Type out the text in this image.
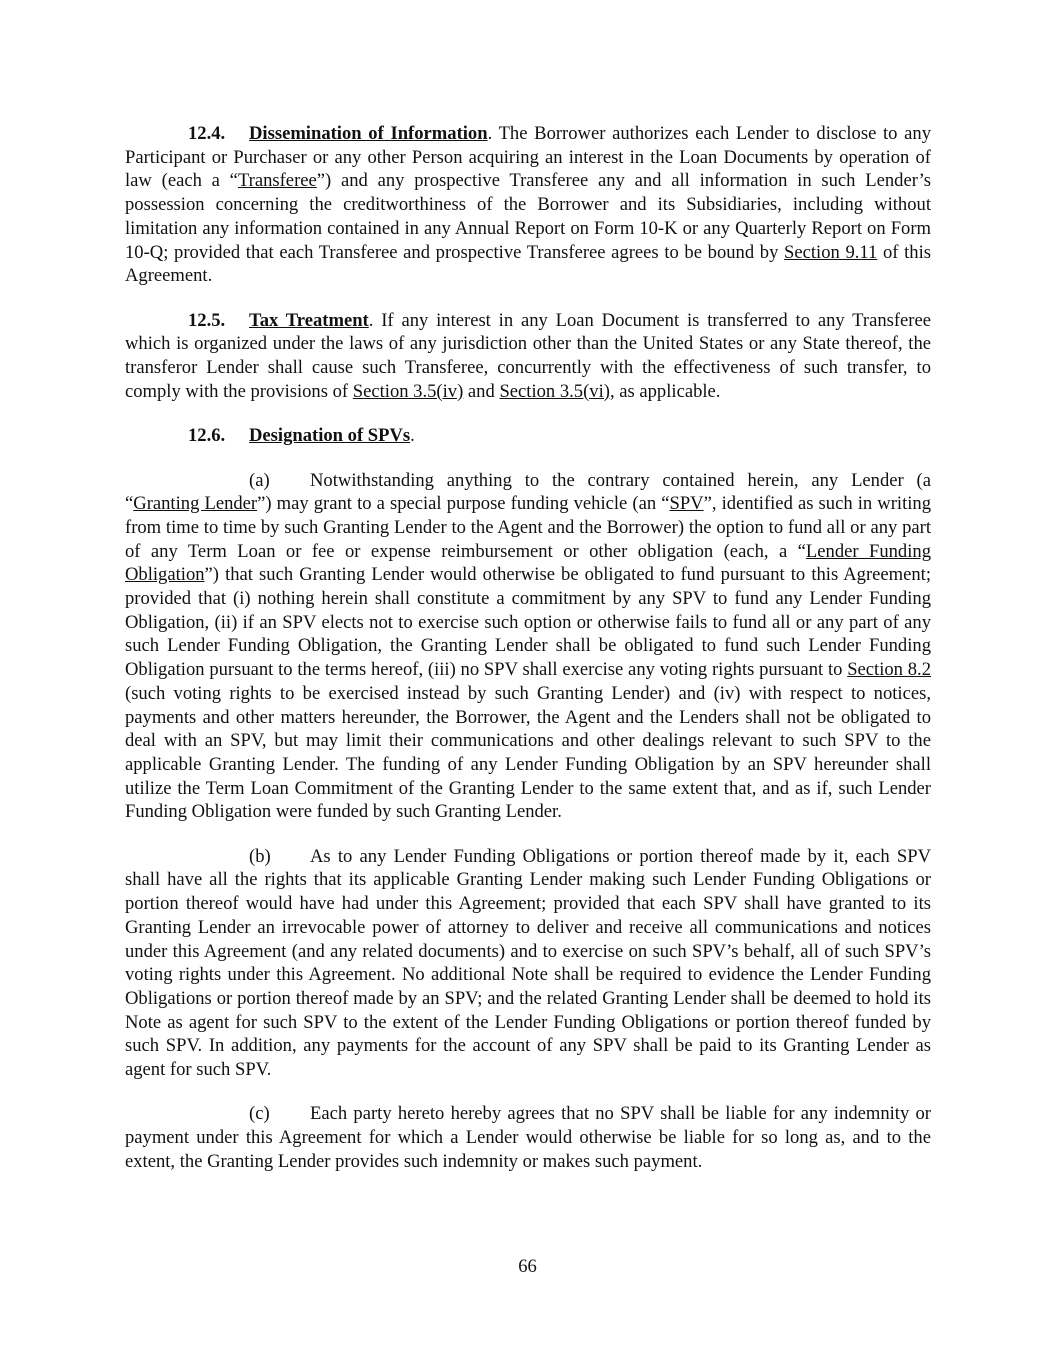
12.4. Dissemination of Information. The Borrower authorizes each Lender to disclose to any Participant or Purchaser or any other Person acquiring an interest in the Loan Documents by operation of law (each a “Transferee”) and any prospective Transferee any and all information in such Lender’s possession concerning the creditworthiness of the Borrower and its Subsidiaries, including without limitation any information contained in any Annual Report on Form 10-K or any Quarterly Report on Form 10-Q; provided that each Transferee and prospective Transferee agrees to be bound by Section 9.11 of this Agreement.

12.5. Tax Treatment. If any interest in any Loan Document is transferred to any Transferee which is organized under the laws of any jurisdiction other than the United States or any State thereof, the transferor Lender shall cause such Transferee, concurrently with the effectiveness of such transfer, to comply with the provisions of Section 3.5(iv) and Section 3.5(vi), as applicable.

12.6. Designation of SPVs.

(a) Notwithstanding anything to the contrary contained herein, any Lender (a “Granting Lender”) may grant to a special purpose funding vehicle (an “SPV”, identified as such in writing from time to time by such Granting Lender to the Agent and the Borrower) the option to fund all or any part of any Term Loan or fee or expense reimbursement or other obligation (each, a “Lender Funding Obligation”) that such Granting Lender would otherwise be obligated to fund pursuant to this Agreement; provided that (i) nothing herein shall constitute a commitment by any SPV to fund any Lender Funding Obligation, (ii) if an SPV elects not to exercise such option or otherwise fails to fund all or any part of any such Lender Funding Obligation, the Granting Lender shall be obligated to fund such Lender Funding Obligation pursuant to the terms hereof, (iii) no SPV shall exercise any voting rights pursuant to Section 8.2 (such voting rights to be exercised instead by such Granting Lender) and (iv) with respect to notices, payments and other matters hereunder, the Borrower, the Agent and the Lenders shall not be obligated to deal with an SPV, but may limit their communications and other dealings relevant to such SPV to the applicable Granting Lender. The funding of any Lender Funding Obligation by an SPV hereunder shall utilize the Term Loan Commitment of the Granting Lender to the same extent that, and as if, such Lender Funding Obligation were funded by such Granting Lender.

(b) As to any Lender Funding Obligations or portion thereof made by it, each SPV shall have all the rights that its applicable Granting Lender making such Lender Funding Obligations or portion thereof would have had under this Agreement; provided that each SPV shall have granted to its Granting Lender an irrevocable power of attorney to deliver and receive all communications and notices under this Agreement (and any related documents) and to exercise on such SPV’s behalf, all of such SPV’s voting rights under this Agreement. No additional Note shall be required to evidence the Lender Funding Obligations or portion thereof made by an SPV; and the related Granting Lender shall be deemed to hold its Note as agent for such SPV to the extent of the Lender Funding Obligations or portion thereof funded by such SPV. In addition, any payments for the account of any SPV shall be paid to its Granting Lender as agent for such SPV.

(c) Each party hereto hereby agrees that no SPV shall be liable for any indemnity or payment under this Agreement for which a Lender would otherwise be liable for so long as, and to the extent, the Granting Lender provides such indemnity or makes such payment.

66
